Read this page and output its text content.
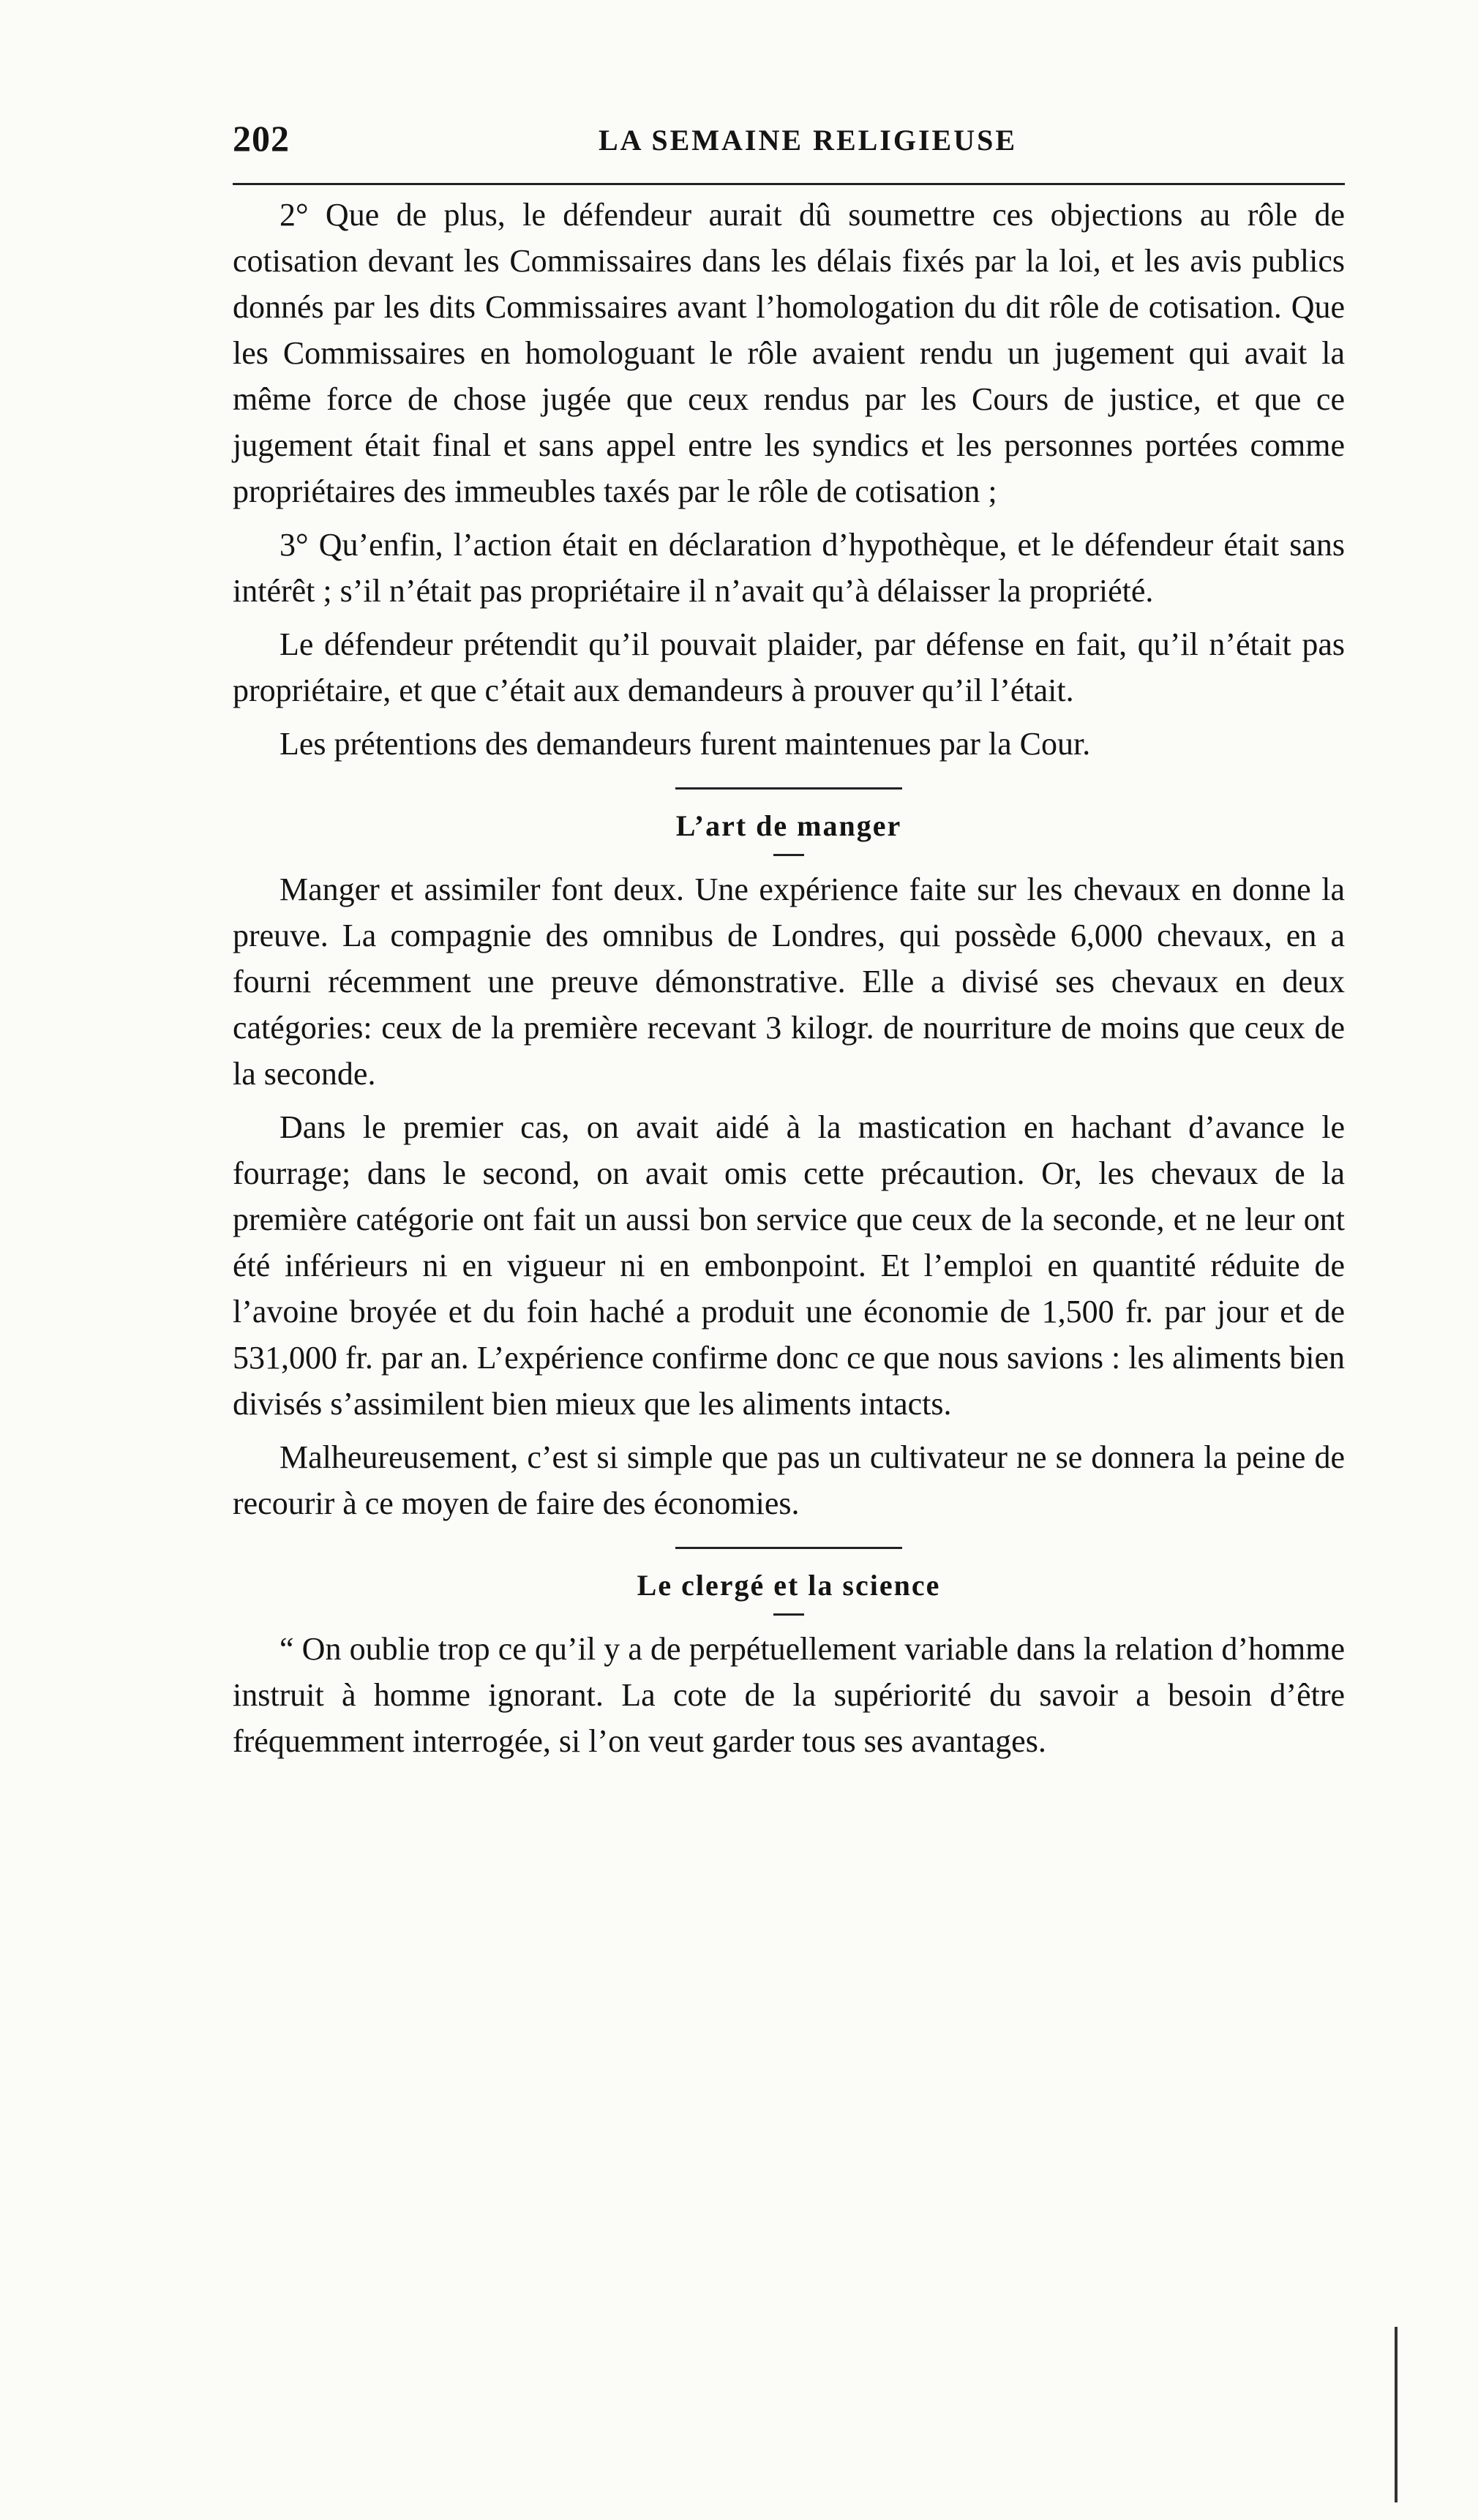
202	LA SEMAINE RELIGIEUSE

2° Que de plus, le défendeur aurait dû soumettre ces objections au rôle de cotisation devant les Commissaires dans les délais fixés par la loi, et les avis publics donnés par les dits Commissaires avant l’homologation du dit rôle de cotisation. Que les Commissaires en homologuant le rôle avaient rendu un jugement qui avait la même force de chose jugée que ceux rendus par les Cours de justice, et que ce jugement était final et sans appel entre les syndics et les personnes portées comme propriétaires des immeubles taxés par le rôle de cotisation ;

3° Qu’enfin, l’action était en déclaration d’hypothèque, et le défendeur était sans intérêt ; s’il n’était pas propriétaire il n’avait qu’à délaisser la propriété.

Le défendeur prétendit qu’il pouvait plaider, par défense en fait, qu’il n’était pas propriétaire, et que c’était aux demandeurs à prouver qu’il l’était.

Les prétentions des demandeurs furent maintenues par la Cour.

L’art de manger

Manger et assimiler font deux. Une expérience faite sur les chevaux en donne la preuve. La compagnie des omnibus de Londres, qui possède 6,000 chevaux, en a fourni récemment une preuve démonstrative. Elle a divisé ses chevaux en deux catégories: ceux de la première recevant 3 kilogr. de nourriture de moins que ceux de la seconde.

Dans le premier cas, on avait aidé à la mastication en hachant d’avance le fourrage; dans le second, on avait omis cette précaution. Or, les chevaux de la première catégorie ont fait un aussi bon service que ceux de la seconde, et ne leur ont été inférieurs ni en vigueur ni en embonpoint. Et l’emploi en quantité réduite de l’avoine broyée et du foin haché a produit une économie de 1,500 fr. par jour et de 531,000 fr. par an. L’expérience confirme donc ce que nous savions : les aliments bien divisés s’assimilent bien mieux que les aliments intacts.

Malheureusement, c’est si simple que pas un cultivateur ne se donnera la peine de recourir à ce moyen de faire des économies.

Le clergé et la science

“ On oublie trop ce qu’il y a de perpétuellement variable dans la relation d’homme instruit à homme ignorant. La cote de la supériorité du savoir a besoin d’être fréquemment interrogée, si l’on veut garder tous ses avantages.
